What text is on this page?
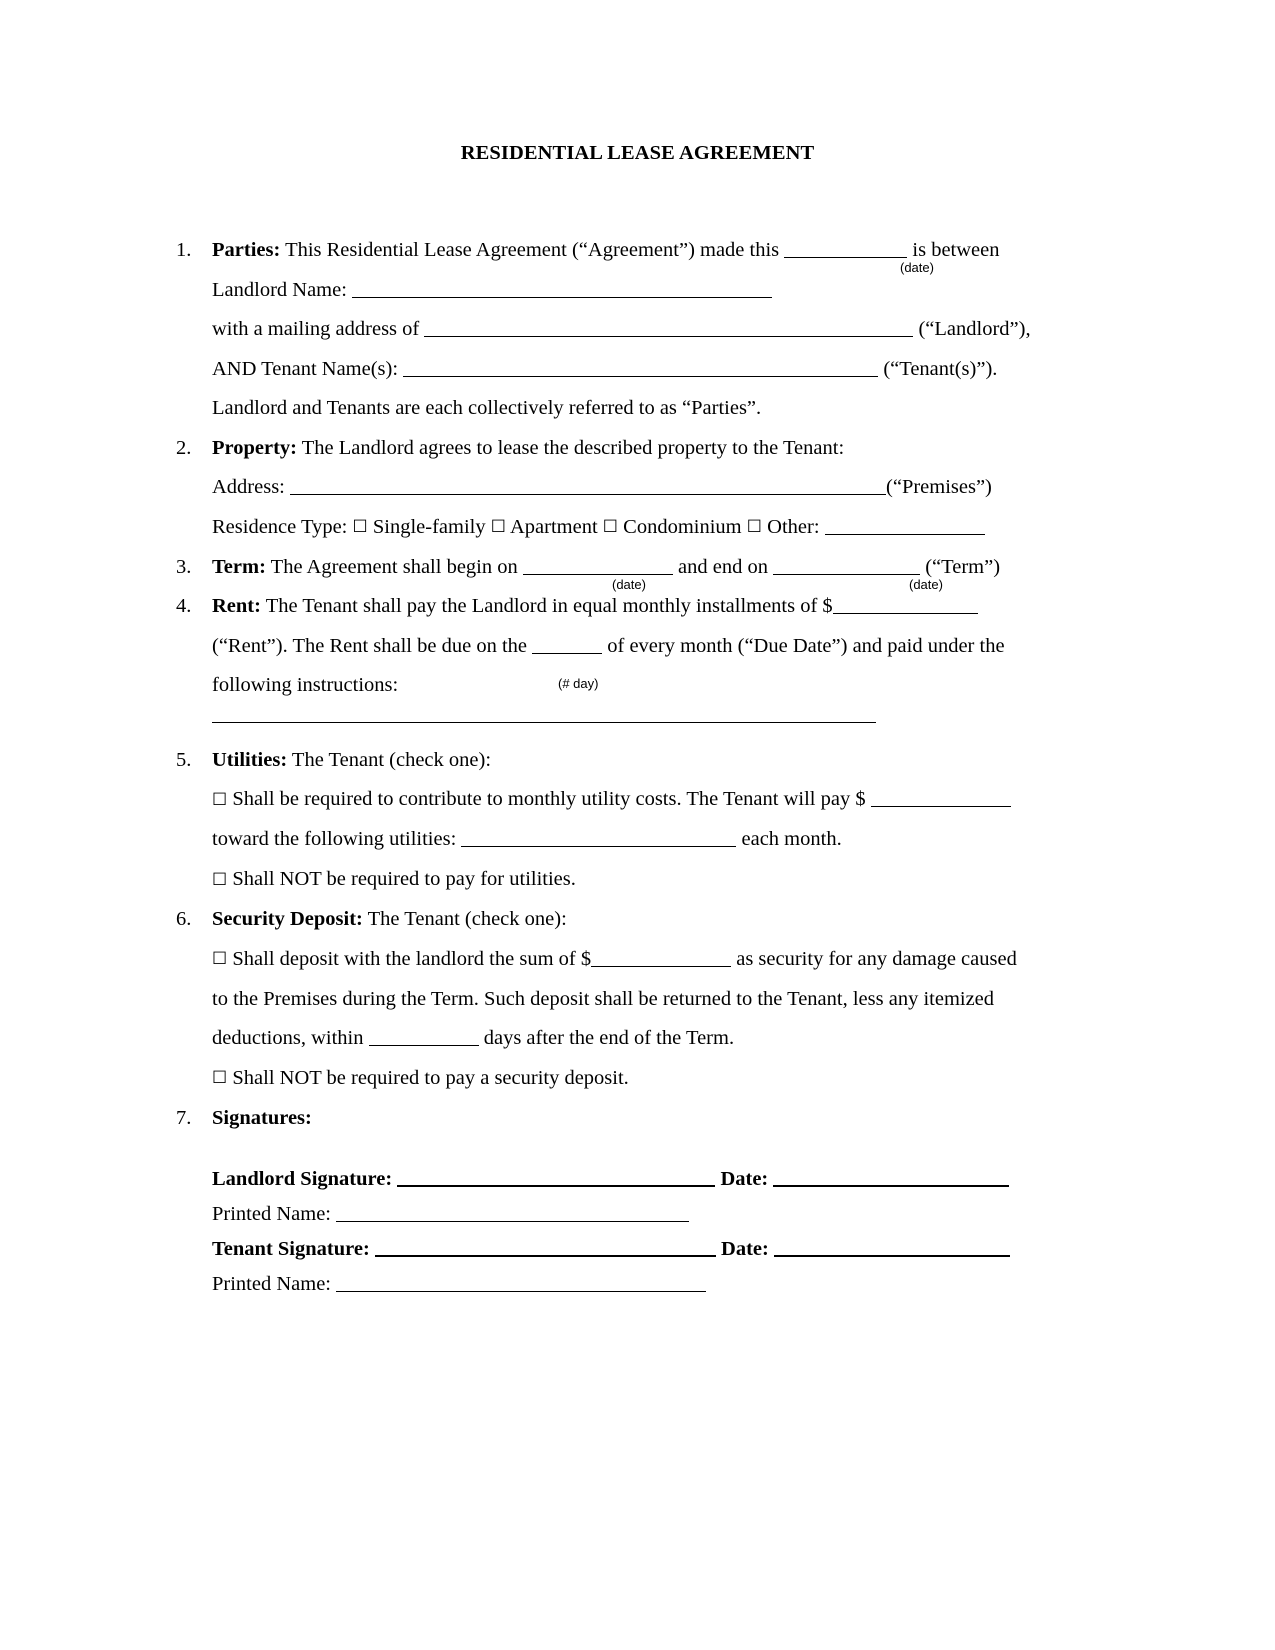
RESIDENTIAL LEASE AGREEMENT
1. Parties: This Residential Lease Agreement (“Agreement”) made this	is between
(date)
Landlord Name:
with a mailing address of	(“Landlord”),
AND Tenant Name(s):	(“Tenant(s)”).
Landlord and Tenants are each collectively referred to as “Parties”.
2. Property: The Landlord agrees to lease the described property to the Tenant:
Address:	(“Premises”)
Residence Type: ☐ Single-family ☐ Apartment ☐ Condominium ☐ Other:
3. Term: The Agreement shall begin on	and end on	(“Term”)
(date)	(date)
4. Rent: The Tenant shall pay the Landlord in equal monthly installments of $
(“Rent”). The Rent shall be due on the	of every month (“Due Date”) and paid under the
following instructions:	(# day)
5. Utilities: The Tenant (check one):
☐ Shall be required to contribute to monthly utility costs. The Tenant will pay $
toward the following utilities:	each month.
☐ Shall NOT be required to pay for utilities.
6. Security Deposit: The Tenant (check one):
☐ Shall deposit with the landlord the sum of $	as security for any damage caused
to the Premises during the Term. Such deposit shall be returned to the Tenant, less any itemized
deductions, within	days after the end of the Term.
☐ Shall NOT be required to pay a security deposit.
7. Signatures:
Landlord Signature:	Date:
Printed Name:
Tenant Signature:	Date:
Printed Name:
